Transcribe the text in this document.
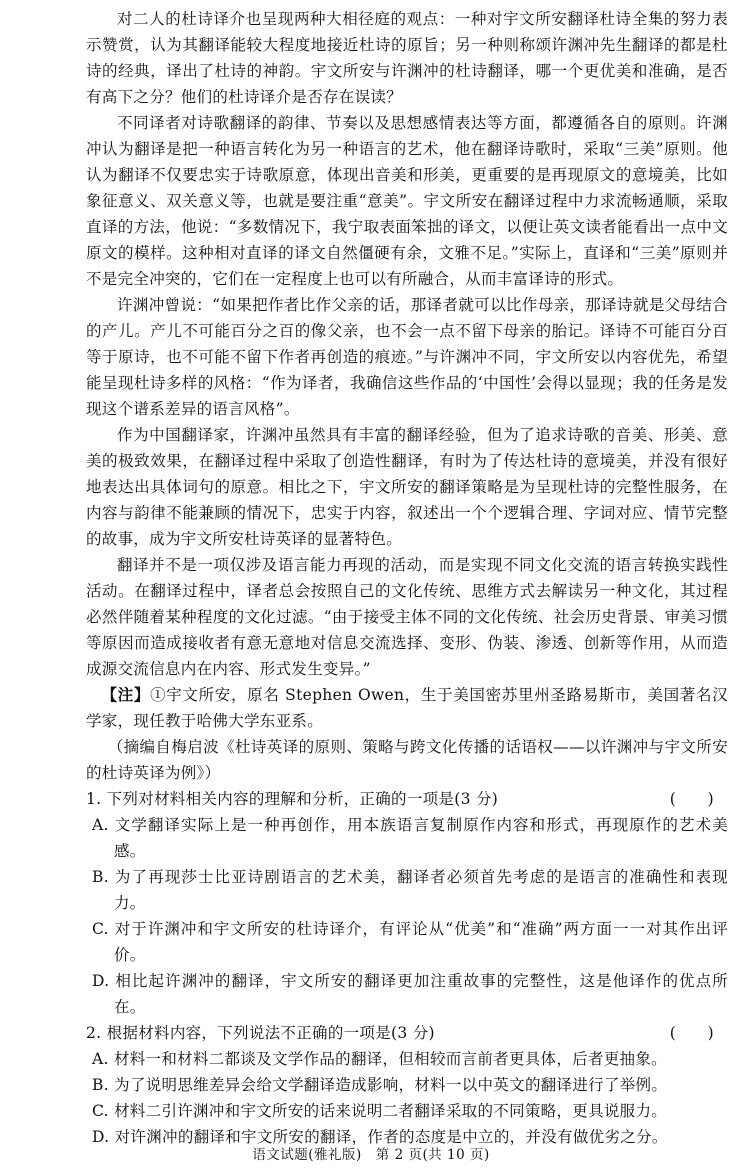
对二人的杜诗译介也呈现两种大相径庭的观点：一种对宇文所安翻译杜诗全集的努力表示赞赏，认为其翻译能较大程度地接近杜诗的原旨；另一种则称颂许渊冲先生翻译的都是杜诗的经典，译出了杜诗的神韵。宇文所安与许渊冲的杜诗翻译，哪一个更优美和准确，是否有高下之分？他们的杜诗译介是否存在误读？

不同译者对诗歌翻译的韵律、节奏以及思想感情表达等方面，都遵循各自的原则。许渊冲认为翻译是把一种语言转化为另一种语言的艺术，他在翻译诗歌时，采取“三美”原则。他认为翻译不仅要忠实于诗歌原意，体现出音美和形美，更重要的是再现原文的意境美，比如象征意义、双关意义等，也就是要注重“意美”。宇文所安在翻译过程中力求流畅通顺，采取直译的方法，他说：“多数情况下，我宁取表面笨拙的译文，以便让英文读者能看出一点中文原文的模样。这种相对直译的译文自然僵硬有余，文雅不足。”实际上，直译和“三美”原则并不是完全冲突的，它们在一定程度上也可以有所融合，从而丰富译诗的形式。

许渊冲曾说：“如果把作者比作父亲的话，那译者就可以比作母亲，那译诗就是父母结合的产儿。产儿不可能百分之百的像父亲，也不会一点不留下母亲的胎记。译诗不可能百分百等于原诗，也不可能不留下作者再创造的痕迹。”与许渊冲不同，宇文所安以内容优先，希望能呈现杜诗多样的风格：“作为译者，我确信这些作品的‘中国性’会得以显现；我的任务是发现这个谱系差异的语言风格”。

作为中国翻译家，许渊冲虽然具有丰富的翻译经验，但为了追求诗歌的音美、形美、意美的极致效果，在翻译过程中采取了创造性翻译，有时为了传达杜诗的意境美，并没有很好地表达出具体词句的原意。相比之下，宇文所安的翻译策略是为呈现杜诗的完整性服务，在内容与韵律不能兼顾的情况下，忠实于内容，叙述出一个个逻辑合理、字词对应、情节完整的故事，成为宇文所安杜诗英译的显著特色。

翻译并不是一项仅涉及语言能力再现的活动，而是实现不同文化交流的语言转换实践性活动。在翻译过程中，译者总会按照自己的文化传统、思维方式去解读另一种文化，其过程必然伴随着某种程度的文化过滤。“由于接受主体不同的文化传统、社会历史背景、审美习惯等原因而造成接收者有意无意地对信息交流选择、变形、伪装、渗透、创新等作用，从而造成源交流信息内在内容、形式发生变异。”

【注】①宇文所安，原名 Stephen Owen，生于美国密苏里州圣路易斯市，美国著名汉学家，现任教于哈佛大学东亚系。

（摘编自梅启波《杜诗英译的原则、策略与跨文化传播的话语权——以许渊冲与宇文所安的杜诗英译为例》）

1. 下列对材料相关内容的理解和分析，正确的一项是(3 分)	(　　)

A. 文学翻译实际上是一种再创作，用本族语言复制原作内容和形式，再现原作的艺术美感。

B. 为了再现莎士比亚诗剧语言的艺术美，翻译者必须首先考虑的是语言的准确性和表现力。

C. 对于许渊冲和宇文所安的杜诗译介，有评论从“优美”和“准确”两方面一一对其作出评价。

D. 相比起许渊冲的翻译，宇文所安的翻译更加注重故事的完整性，这是他译作的优点所在。

2. 根据材料内容，下列说法不正确的一项是(3 分)	(　　)

A. 材料一和材料二都谈及文学作品的翻译，但相较而言前者更具体，后者更抽象。

B. 为了说明思维差异会给文学翻译造成影响，材料一以中英文的翻译进行了举例。

C. 材料二引许渊冲和宇文所安的话来说明二者翻译采取的不同策略，更具说服力。

D. 对许渊冲的翻译和宇文所安的翻译，作者的态度是中立的，并没有做优劣之分。

语文试题(雅礼版)　第 2 页(共 10 页)
